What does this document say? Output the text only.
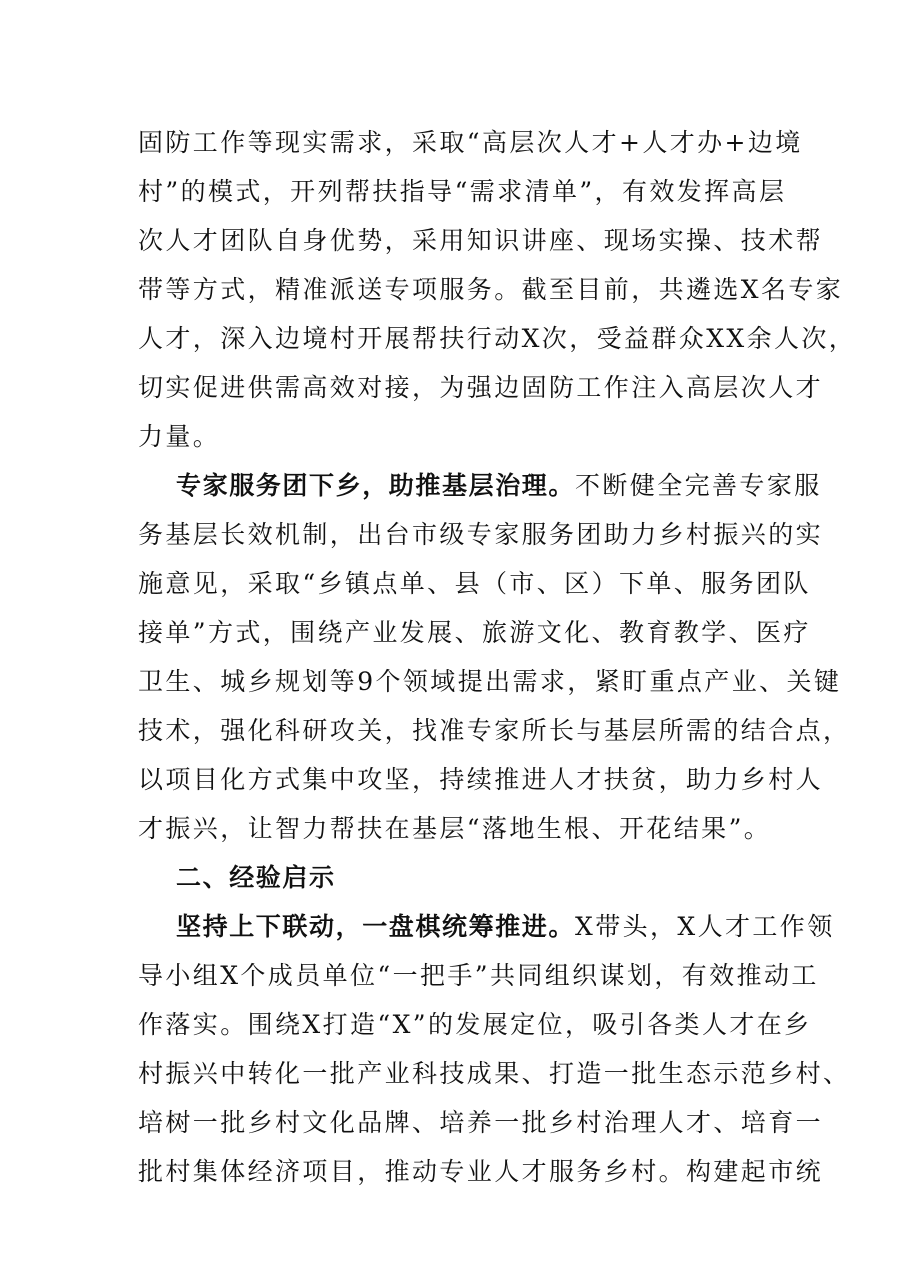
固防工作等现实需求，采取“高层次人才+人才办+边境
村”的模式，开列帮扶指导“需求清单”，有效发挥高层
次人才团队自身优势，采用知识讲座、现场实操、技术帮
带等方式，精准派送专项服务。截至目前，共遴选X名专家
人才，深入边境村开展帮扶行动X次，受益群众XX余人次，
切实促进供需高效对接，为强边固防工作注入高层次人才
力量。
专家服务团下乡，助推基层治理。不断健全完善专家服
务基层长效机制，出台市级专家服务团助力乡村振兴的实
施意见，采取“乡镇点单、县（市、区）下单、服务团队
接单”方式，围绕产业发展、旅游文化、教育教学、医疗
卫生、城乡规划等9个领域提出需求，紧盯重点产业、关键
技术，强化科研攻关，找准专家所长与基层所需的结合点，
以项目化方式集中攻坚，持续推进人才扶贫，助力乡村人
才振兴，让智力帮扶在基层“落地生根、开花结果”。
二、经验启示
坚持上下联动，一盘棋统筹推进。X带头，X人才工作领
导小组X个成员单位“一把手”共同组织谋划，有效推动工
作落实。围绕X打造“X”的发展定位，吸引各类人才在乡
村振兴中转化一批产业科技成果、打造一批生态示范乡村、
培树一批乡村文化品牌、培养一批乡村治理人才、培育一
批村集体经济项目，推动专业人才服务乡村。构建起市统
